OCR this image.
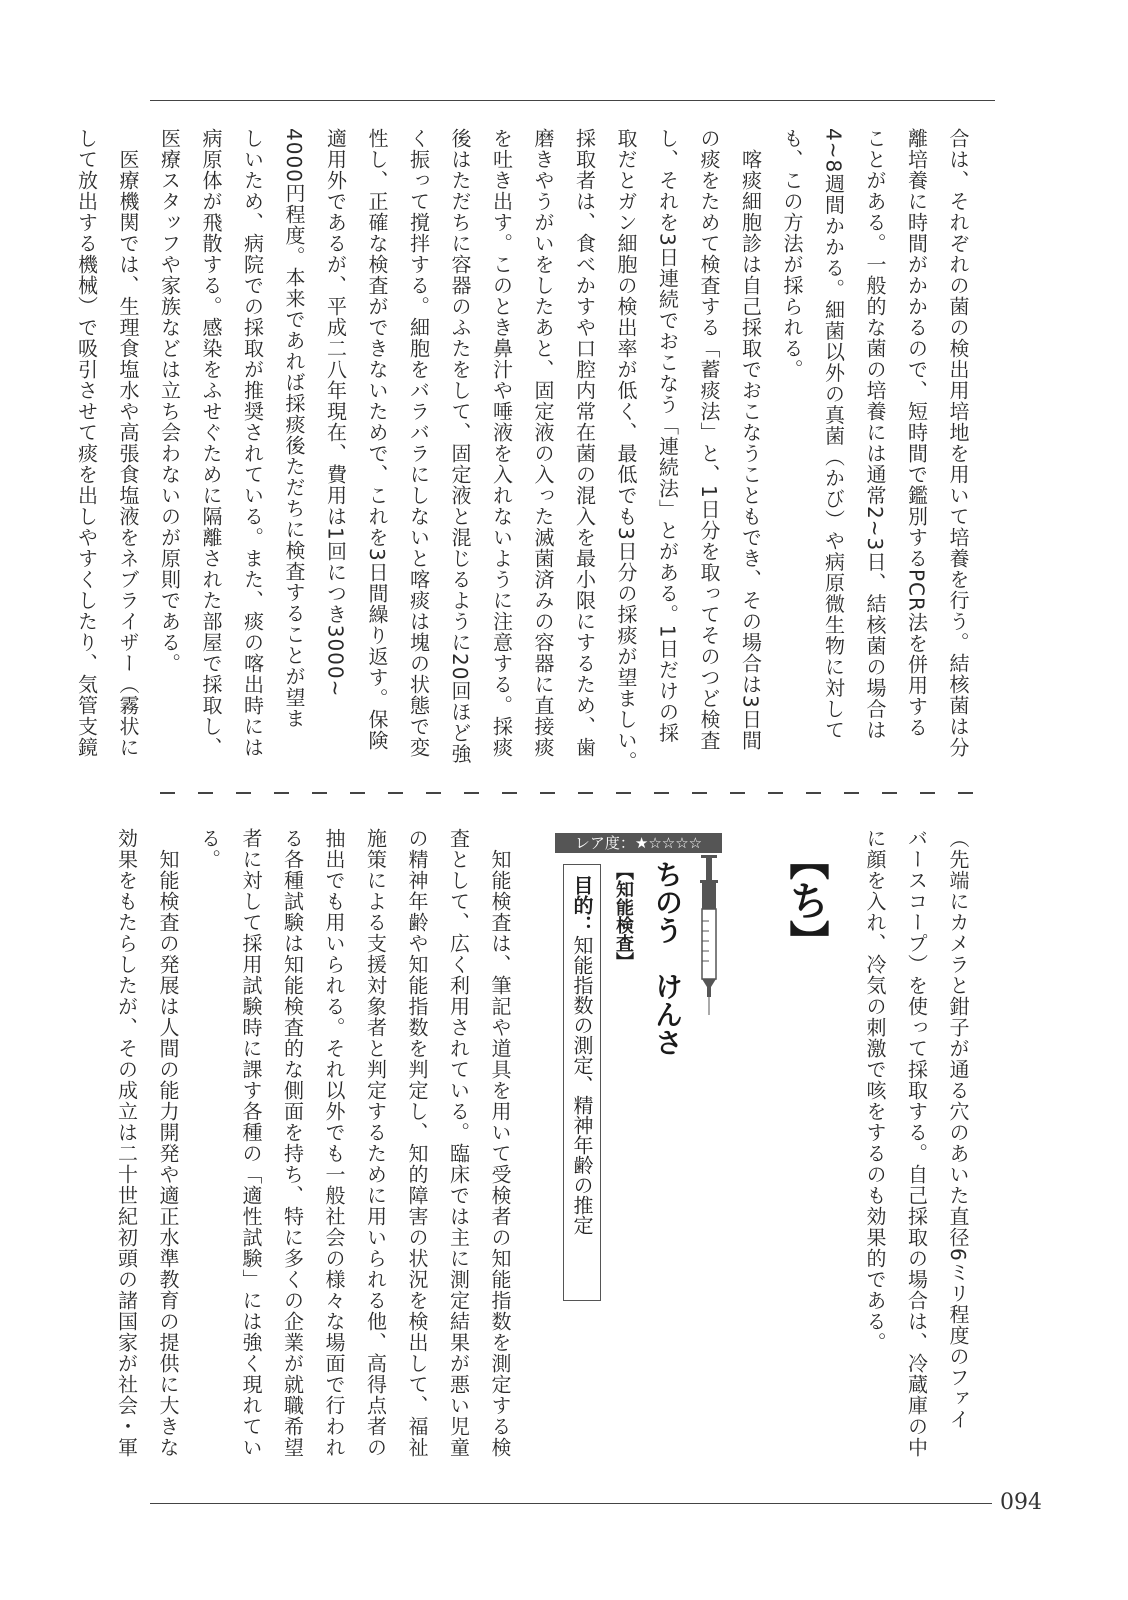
合は、それぞれの菌の検出用培地を用いて培養を行う。結核菌は分
離培養に時間がかかるので、短時間で鑑別するPCR法を併用する
ことがある。一般的な菌の培養には通常2~3日、結核菌の場合は
4~8週間かかる。細菌以外の真菌（かび）や病原微生物に対して
も、この方法が採られる。
　喀痰細胞診は自己採取でおこなうこともでき、その場合は3日間
の痰をためて検査する「蓄痰法」と、1日分を取ってそのつど検査
し、それを3日連続でおこなう「連続法」とがある。1日だけの採
取だとガン細胞の検出率が低く、最低でも3日分の採痰が望ましい。
採取者は、食べかすや口腔内常在菌の混入を最小限にするため、歯
磨きやうがいをしたあと、固定液の入った滅菌済みの容器に直接痰
を吐き出す。このとき鼻汁や唾液を入れないように注意する。採痰
後はただちに容器のふたをして、固定液と混じるように20回ほど強
く振って撹拌する。細胞をバラバラにしないと喀痰は塊の状態で変
性し、正確な検査ができないためで、これを3日間繰り返す。保険
適用外であるが、平成二八年現在、費用は1回につき3000~
4000円程度。本来であれば採痰後ただちに検査することが望ま
しいため、病院での採取が推奨されている。また、痰の喀出時には
病原体が飛散する。感染をふせぐために隔離された部屋で採取し、
医療スタッフや家族などは立ち会わないのが原則である。
　医療機関では、生理食塩水や高張食塩液をネブライザー（霧状に
して放出する機械）で吸引させて痰を出しやすくしたり、気管支鏡
（先端にカメラと鉗子が通る穴のあいた直径6ミリ程度のファイ
バースコープ）を使って採取する。自己採取の場合は、冷蔵庫の中
に顔を入れ、冷気の刺激で咳をするのも効果的である。
【ち】
レア度：★☆☆☆☆
ちのう　けんさ
【知能検査】
目的：知能指数の測定、精神年齢の推定
　知能検査は、筆記や道具を用いて受検者の知能指数を測定する検
査として、広く利用されている。臨床では主に測定結果が悪い児童
の精神年齢や知能指数を判定し、知的障害の状況を検出して、福祉
施策による支援対象者と判定するために用いられる他、高得点者の
抽出でも用いられる。それ以外でも一般社会の様々な場面で行われ
る各種試験は知能検査的な側面を持ち、特に多くの企業が就職希望
者に対して採用試験時に課す各種の「適性試験」には強く現れてい
る。
　知能検査の発展は人間の能力開発や適正水準教育の提供に大きな
効果をもたらしたが、その成立は二十世紀初頭の諸国家が社会・軍
094
